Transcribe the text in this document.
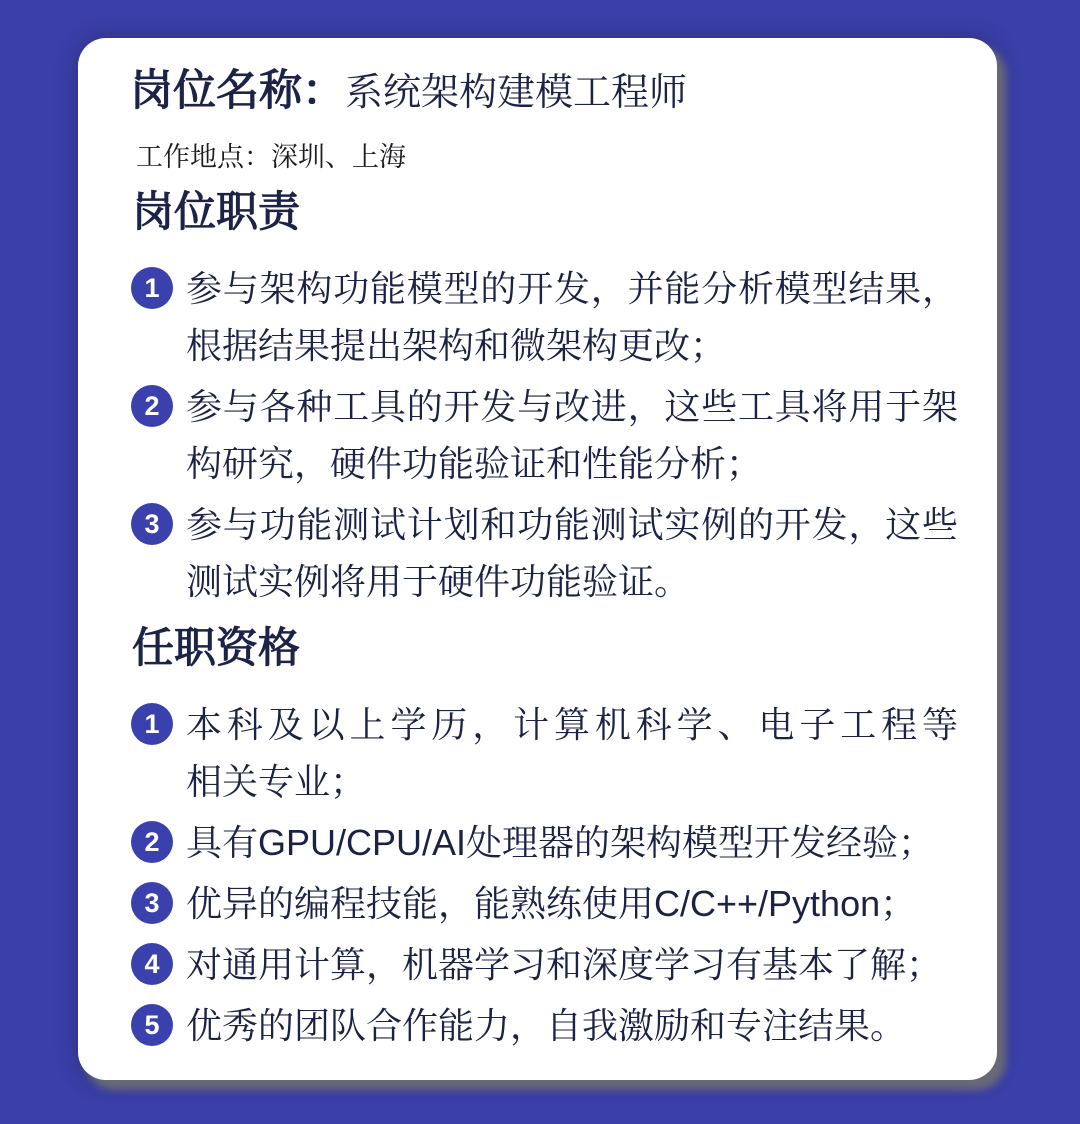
岗位名称：系统架构建模工程师
工作地点：深圳、上海
岗位职责
1 参与架构功能模型的开发，并能分析模型结果，
根据结果提出架构和微架构更改；
2 参与各种工具的开发与改进，这些工具将用于架
构研究，硬件功能验证和性能分析；
3 参与功能测试计划和功能测试实例的开发，这些
测试实例将用于硬件功能验证。
任职资格
1 本科及以上学历，计算机科学、电子工程等
相关专业；
2 具有GPU/CPU/AI处理器的架构模型开发经验；
3 优异的编程技能，能熟练使用C/C++/Python；
4 对通用计算，机器学习和深度学习有基本了解；
5 优秀的团队合作能力，自我激励和专注结果。
